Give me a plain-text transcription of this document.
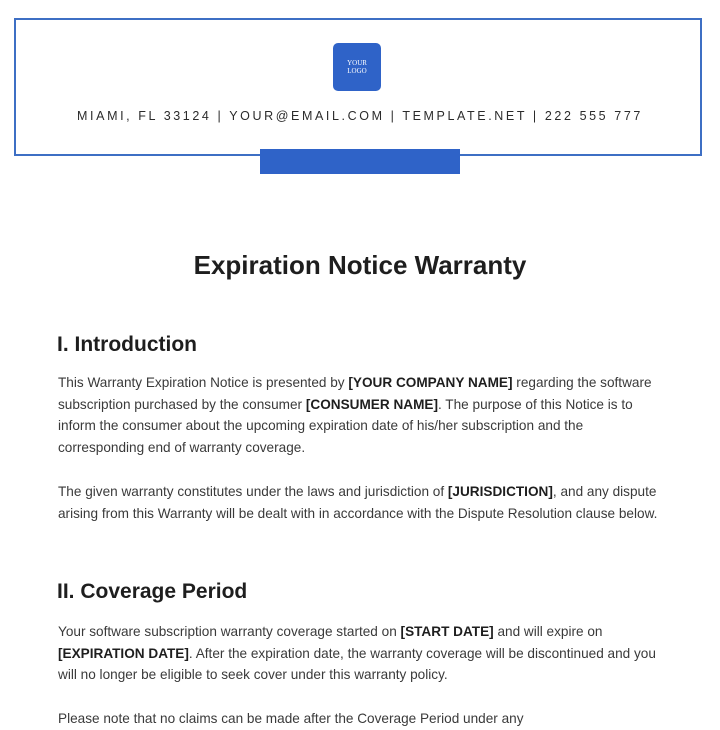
YOUR
LOGO
MIAMI, FL 33124 | YOUR@EMAIL.COM | TEMPLATE.NET | 222 555 777
Expiration Notice Warranty
I. Introduction
This Warranty Expiration Notice is presented by [YOUR COMPANY NAME] regarding the software subscription purchased by the consumer [CONSUMER NAME]. The purpose of this Notice is to inform the consumer about the upcoming expiration date of his/her subscription and the corresponding end of warranty coverage.
The given warranty constitutes under the laws and jurisdiction of [JURISDICTION], and any dispute arising from this Warranty will be dealt with in accordance with the Dispute Resolution clause below.
II. Coverage Period
Your software subscription warranty coverage started on [START DATE] and will expire on [EXPIRATION DATE]. After the expiration date, the warranty coverage will be discontinued and you will no longer be eligible to seek cover under this warranty policy.
Please note that no claims can be made after the Coverage Period under any
